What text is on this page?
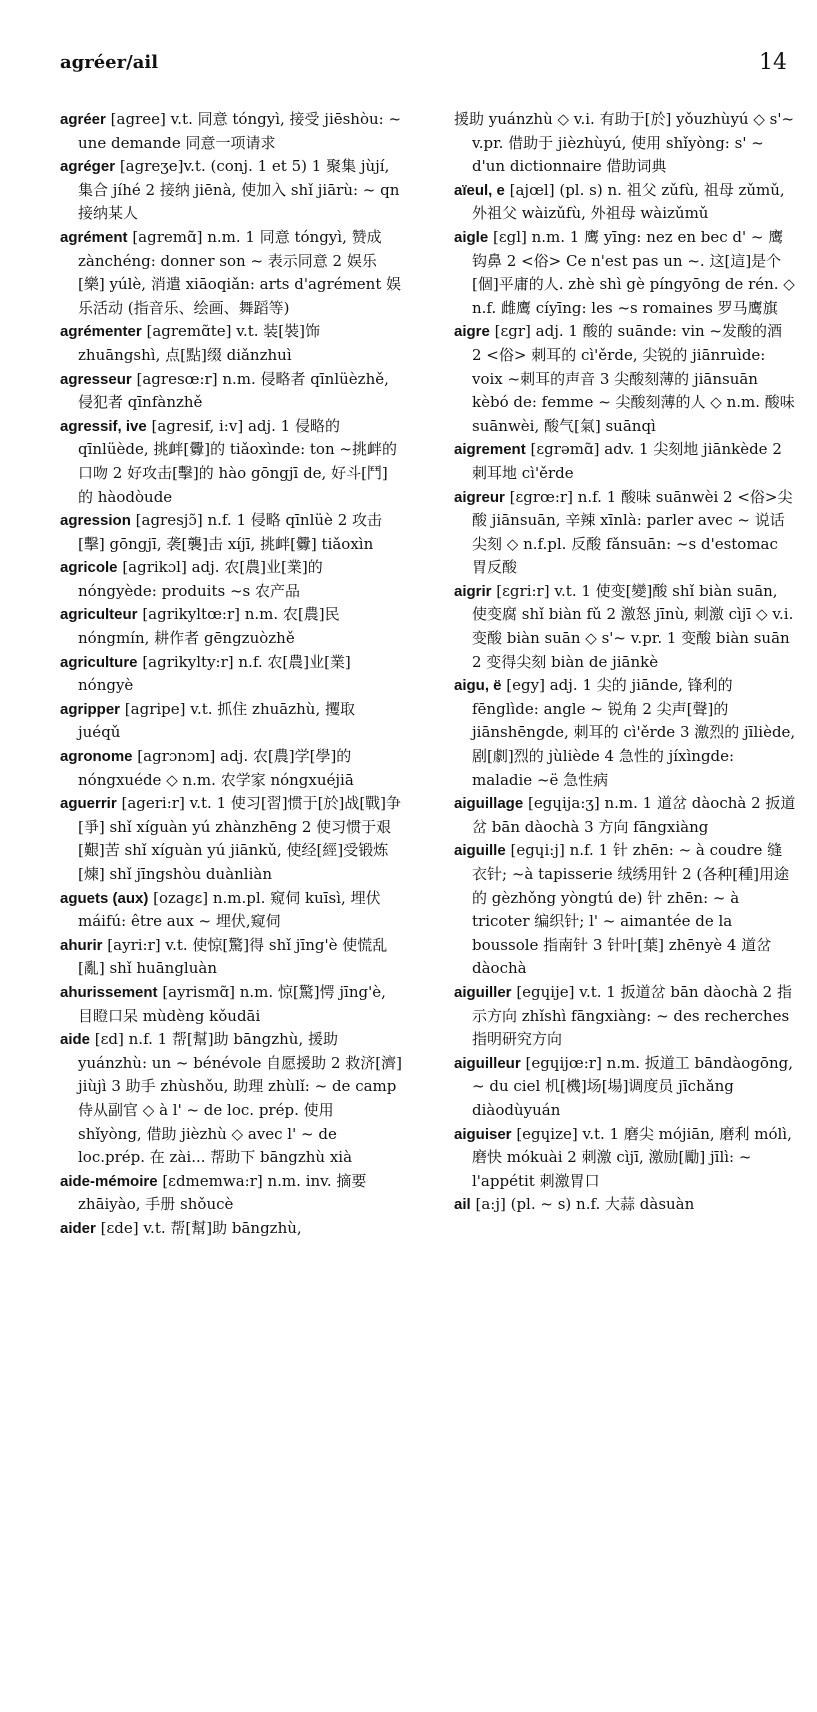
agréer/ail	14
agréer [agree] v.t. 同意 tóngyì, 接受 jiēshòu: ~ une demande 同意一项请求
agréger [agreʒe]v.t. (conj. 1 et 5) 1 聚集 jùjí, 集合 jíhé 2 接纳 jiēnà, 使加入 shǐ jiārù: ~ qn 接纳某人
agrément [agremɑ̃] n.m. 1 同意 tóngyì, 赞成 zànchéng: donner son ~ 表示同意 2 娱乐[樂] yúlè, 消遣 xiāoqiǎn: arts d'agrément 娱乐活动 (指音乐、绘画、舞蹈等)
agrémenter [agremɑ̃te] v.t. 装[裝]饰 zhuāngshì, 点[點]缀 diǎnzhuì
agresseur [agresœ:r] n.m. 侵略者 qīnlüèzhě, 侵犯者 qīnfànzhě
agressif, ive [agresif, i:v] adj. 1 侵略的 qīnlüède, 挑衅[釁]的 tiǎoxìnde: ton ~挑衅的口吻 2 好攻击[擊]的 hào gōngjī de, 好斗[鬥]的 hàodòude
agression [agresjɔ̃] n.f. 1 侵略 qīnlüè 2 攻击[擊] gōngjī, 袭[襲]击 xíjī, 挑衅[釁] tiǎoxìn
agricole [agrikɔl] adj. 农[農]业[業]的 nóngyède: produits ~s 农产品
agriculteur [agrikyltœ:r] n.m. 农[農]民 nóngmín, 耕作者 gēngzuòzhě
agriculture [agrikylty:r] n.f. 农[農]业[業] nóngyè
agripper [agripe] v.t. 抓住 zhuāzhù, 攫取 juéqǔ
agronome [agrɔnɔm] adj. 农[農]学[學]的 nóngxuéde ◇ n.m. 农学家 nóngxuéjiā
aguerrir [ageri:r] v.t. 1 使习[習]惯于[於]战[戰]争[爭] shǐ xíguàn yú zhànzhēng 2 使习惯于艰[艱]苦 shǐ xíguàn yú jiānkǔ, 使经[經]受锻炼[煉] shǐ jīngshòu duànliàn
aguets (aux) [ozagɛ] n.m.pl. 窥伺 kuīsì, 埋伏 máifú: être aux ~ 埋伏,窥伺
ahurir [ayri:r] v.t. 使惊[驚]得 shǐ jīng'è 使慌乱 [亂] shǐ huāngluàn
ahurissement [ayrismɑ̃] n.m. 惊[驚]愕 jīng'è, 目瞪口呆 mùdèng kǒudāi
aide [ɛd] n.f. 1 帮[幫]助 bāngzhù, 援助 yuánzhù: un ~ bénévole 自愿援助 2 救济[濟] jiùjì 3 助手 zhùshǒu, 助理 zhùlǐ: ~ de camp 侍从副官 ◇ à l' ~ de loc. prép. 使用 shǐyòng, 借助 jièzhù ◇ avec l' ~ de loc.prép. 在 zài... 帮助下 bāngzhù xià
aide-mémoire [ɛdmemwa:r] n.m. inv. 摘要 zhāiyào, 手册 shǒucè
aider [ɛde] v.t. 帮[幫]助 bāngzhù,
援助 yuánzhù ◇ v.i. 有助于[於] yǒuzhùyú ◇ s'~ v.pr. 借助于 jièzhùyú, 使用 shǐyòng: s' ~ d'un dictionnaire 借助词典
aïeul, e [ajœl] (pl. s) n. 祖父 zǔfù, 祖母 zǔmǔ, 外祖父 wàizǔfù, 外祖母 wàizǔmǔ
aigle [ɛgl] n.m. 1 鹰 yīng: nez en bec d' ~ 鹰钩鼻 2 <俗> Ce n'est pas un ~. 这[這]是个[個]平庸的人. zhè shì gè píngyōng de rén. ◇ n.f. 雌鹰 cíyīng: les ~s romaines 罗马鹰旗
aigre [ɛgr] adj. 1 酸的 suānde: vin ~发酸的酒 2 <俗> 刺耳的 cì'ěrde, 尖锐的 jiānruìde: voix ~刺耳的声音 3 尖酸刻薄的 jiānsuān kèbó de: femme ~ 尖酸刻薄的人 ◇ n.m. 酸味 suānwèi, 酸气[氣] suānqì
aigrement [ɛgrəmɑ̃] adv. 1 尖刻地 jiānkède 2 刺耳地 cì'ěrde
aigreur [ɛgrœ:r] n.f. 1 酸味 suānwèi 2 <俗>尖酸 jiānsuān, 辛辣 xīnlà: parler avec ~ 说话尖刻 ◇ n.f.pl. 反酸 fǎnsuān: ~s d'estomac 胃反酸
aigrir [ɛgri:r] v.t. 1 使变[變]酸 shǐ biàn suān, 使变腐 shǐ biàn fǔ 2 激怒 jīnù, 刺激 cìjī ◇ v.i. 变酸 biàn suān ◇ s'~ v.pr. 1 变酸 biàn suān 2 变得尖刻 biàn de jiānkè
aigu, ë [egy] adj. 1 尖的 jiānde, 锋利的 fēnglìde: angle ~ 锐角 2 尖声[聲]的 jiānshēngde, 刺耳的 cì'ěrde 3 激烈的 jīliède, 剧[劇]烈的 jùliède 4 急性的 jíxìngde: maladie ~ë 急性病
aiguillage [egɥija:ʒ] n.m. 1 道岔 dàochà 2 扳道岔 bān dàochà 3 方向 fāngxiàng
aiguille [egɥi:j] n.f. 1 针 zhēn: ~ à coudre 缝衣针; ~à tapisserie 绒绣用针 2 (各种[種]用途的 gèzhǒng yòngtú de) 针 zhēn: ~ à tricoter 编织针; l' ~ aimantée de la boussole 指南针 3 针叶[葉] zhēnyè 4 道岔 dàochà
aiguiller [egɥije] v.t. 1 扳道岔 bān dàochà 2 指示方向 zhǐshì fāngxiàng: ~ des recherches 指明研究方向
aiguilleur [egɥijœ:r] n.m. 扳道工 bāndàogōng, ~ du ciel 机[機]场[場]调度员 jīchǎng diàodùyuán
aiguiser [egɥize] v.t. 1 磨尖 mójiān, 磨利 mólì, 磨快 mókuài 2 刺激 cìjī, 激励[勵] jīlì: ~ l'appétit 刺激胃口
ail [a:j] (pl. ~ s) n.f. 大蒜 dàsuàn
